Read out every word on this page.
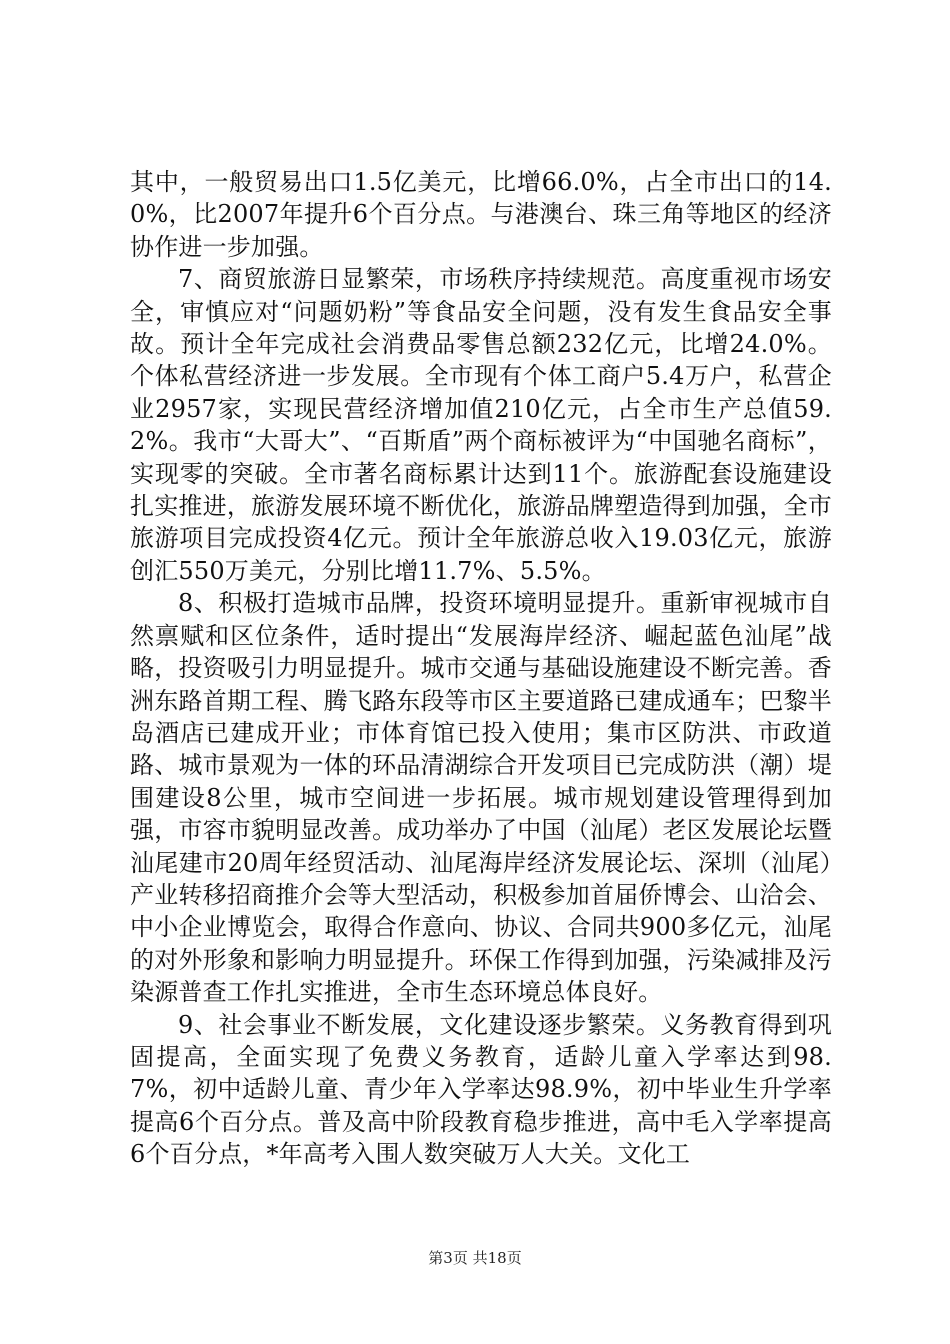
其中，一般贸易出口1.5亿美元，比增66.0%，占全市出口的14.0%，比2007年提升6个百分点。与港澳台、珠三角等地区的经济协作进一步加强。

7、商贸旅游日显繁荣，市场秩序持续规范。高度重视市场安全，审慎应对“问题奶粉”等食品安全问题，没有发生食品安全事故。预计全年完成社会消费品零售总额232亿元，比增24.0%。个体私营经济进一步发展。全市现有个体工商户5.4万户，私营企业2957家，实现民营经济增加值210亿元，占全市生产总值59.2%。我市“大哥大”、“百斯盾”两个商标被评为“中国驰名商标”，实现零的突破。全市著名商标累计达到11个。旅游配套设施建设扎实推进，旅游发展环境不断优化，旅游品牌塑造得到加强，全市旅游项目完成投资4亿元。预计全年旅游总收入19.03亿元，旅游创汇550万美元，分别比增11.7%、5.5%。

8、积极打造城市品牌，投资环境明显提升。重新审视城市自然禀赋和区位条件，适时提出“发展海岸经济、崛起蓝色汕尾”战略，投资吸引力明显提升。城市交通与基础设施建设不断完善。香洲东路首期工程、腾飞路东段等市区主要道路已建成通车；巴黎半岛酒店已建成开业；市体育馆已投入使用；集市区防洪、市政道路、城市景观为一体的环品清湖综合开发项目已完成防洪（潮）堤围建设8公里，城市空间进一步拓展。城市规划建设管理得到加强，市容市貌明显改善。成功举办了中国（汕尾）老区发展论坛暨汕尾建市20周年经贸活动、汕尾海岸经济发展论坛、深圳（汕尾）产业转移招商推介会等大型活动，积极参加首届侨博会、山洽会、中小企业博览会，取得合作意向、协议、合同共900多亿元，汕尾的对外形象和影响力明显提升。环保工作得到加强，污染减排及污染源普查工作扎实推进，全市生态环境总体良好。

9、社会事业不断发展，文化建设逐步繁荣。义务教育得到巩固提高，全面实现了免费义务教育，适龄儿童入学率达到98.7%，初中适龄儿童、青少年入学率达98.9%，初中毕业生升学率提高6个百分点。普及高中阶段教育稳步推进，高中毛入学率提高6个百分点，*年高考入围人数突破万人大关。文化工

第3页 共18页
